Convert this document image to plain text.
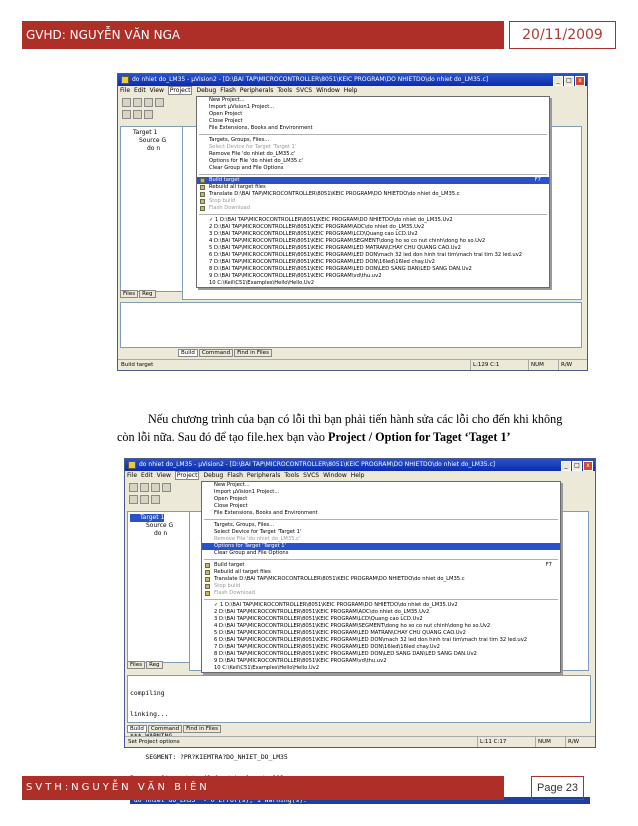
GVHD: NGUYỄN VĂN NGA	20/11/2009
do nhiet do_LM35 - µVision2 - [D:\BAI TAP\MICROCONTROLLER\8051\KEIC PROGRAM\DO NHIETDO\do nhiet do_LM35.c]	_ □ x
File Edit View Project Debug Flash Peripherals Tools SVCS Window Help
Target 1
Source G
do n
Files Reg
Build Command Find in Files
Build target	L:129 C:1	NUM	R/W
New Project...
Import µVision1 Project...
Open Project
Close Project
File Extensions, Books and Environment
Targets, Groups, Files...
Select Device for Target 'Target 1'
Remove File 'do nhiet do_LM35.c'
Options for File 'do nhiet do_LM35.c'
Clear Group and File Options
Build target	F7
Rebuild all target files
Translate D:\BAI TAP\MICROCONTROLLER\8051\KEIC PROGRAM\DO NHIETDO\do nhiet do_LM35.c
Stop build
Flash Download
✓ 1 D:\BAI TAP\MICROCONTROLLER\8051\KEIC PROGRAM\DO NHIETDO\do nhiet do_LM35.Uv2
2 D:\BAI TAP\MICROCONTROLLER\8051\KEIC PROGRAM\ADC\do nhiet do_LM35.Uv2
3 D:\BAI TAP\MICROCONTROLLER\8051\KEIC PROGRAM\LCD\Quang cao LCD.Uv2
4 D:\BAI TAP\MICROCONTROLLER\8051\KEIC PROGRAM\SEGMENT\dong ho so co nut chinh\dong ho so.Uv2
5 D:\BAI TAP\MICROCONTROLLER\8051\KEIC PROGRAM\LED MATRAN\CHAY CHU QUANG CAO.Uv2
6 D:\BAI TAP\MICROCONTROLLER\8051\KEIC PROGRAM\LED DON\mach 32 led don hinh trai tim\mach trai tim 32 led.uv2
7 D:\BAI TAP\MICROCONTROLLER\8051\KEIC PROGRAM\LED DON\16led\16led chay.Uv2
8 D:\BAI TAP\MICROCONTROLLER\8051\KEIC PROGRAM\LED DON\LED SANG DAN\LED SANG DAN.Uv2
9 D:\BAI TAP\MICROCONTROLLER\8051\KEIC PROGRAM\vd\thu.uv2
10 C:\Keil\C51\Examples\Hello\Hello.Uv2
Nếu chương trình của bạn có lỗi thì bạn phải tiến hành sửa các lỗi cho đến khi không
còn lỗi nữa. Sau đó để tạo file.hex bạn vào Project / Option for Taget ‘Taget 1’
do nhiet do_LM35 - µVision2 - [D:\BAI TAP\MICROCONTROLLER\8051\KEIC PROGRAM\DO NHIETDO\do nhiet do_LM35.c]	_ □ x
File Edit View Project Debug Flash Peripherals Tools SVCS Window Help
Target 1
Source G
do n
Files Reg

compiling

linking...

SEGMENT: ?PR?KIEMTRA?DO_NHIET_DO_LM35

Build Command Find in Files
Set Project options	L:11 C:17	NUM	R/W
New Project...
Import µVision1 Project...
Open Project
Close Project
File Extensions, Books and Environment
Targets, Groups, Files...
Select Device for Target 'Target 1'
Remove File 'do nhiet do_LM35.c'
Options for Target 'Target 1'
Clear Group and File Options
Build target	F7
Rebuild all target files
Translate D:\BAI TAP\MICROCONTROLLER\8051\KEIC PROGRAM\DO NHIETDO\do nhiet do_LM35.c
Stop build
Flash Download
✓ 1 D:\BAI TAP\MICROCONTROLLER\8051\KEIC PROGRAM\DO NHIETDO\do nhiet do_LM35.Uv2
2 D:\BAI TAP\MICROCONTROLLER\8051\KEIC PROGRAM\ADC\do nhiet do_LM35.Uv2
3 D:\BAI TAP\MICROCONTROLLER\8051\KEIC PROGRAM\LCD\Quang cao LCD.Uv2
4 D:\BAI TAP\MICROCONTROLLER\8051\KEIC PROGRAM\SEGMENT\dong ho so co nut chinh\dong ho so.Uv2
5 D:\BAI TAP\MICROCONTROLLER\8051\KEIC PROGRAM\LED MATRAN\CHAY CHU QUANG CAO.Uv2
6 D:\BAI TAP\MICROCONTROLLER\8051\KEIC PROGRAM\LED DON\mach 32 led don hinh trai tim\mach trai tim 32 led.uv2
7 D:\BAI TAP\MICROCONTROLLER\8051\KEIC PROGRAM\LED DON\16led\16led chay.Uv2
8 D:\BAI TAP\MICROCONTROLLER\8051\KEIC PROGRAM\LED DON\LED SANG DAN\LED SANG DAN.Uv2
9 D:\BAI TAP\MICROCONTROLLER\8051\KEIC PROGRAM\vd\thu.uv2
10 C:\Keil\C51\Examples\Hello\Hello.Uv2
SVTH:NGUYỄN VĂN BIÊN	Page 23
